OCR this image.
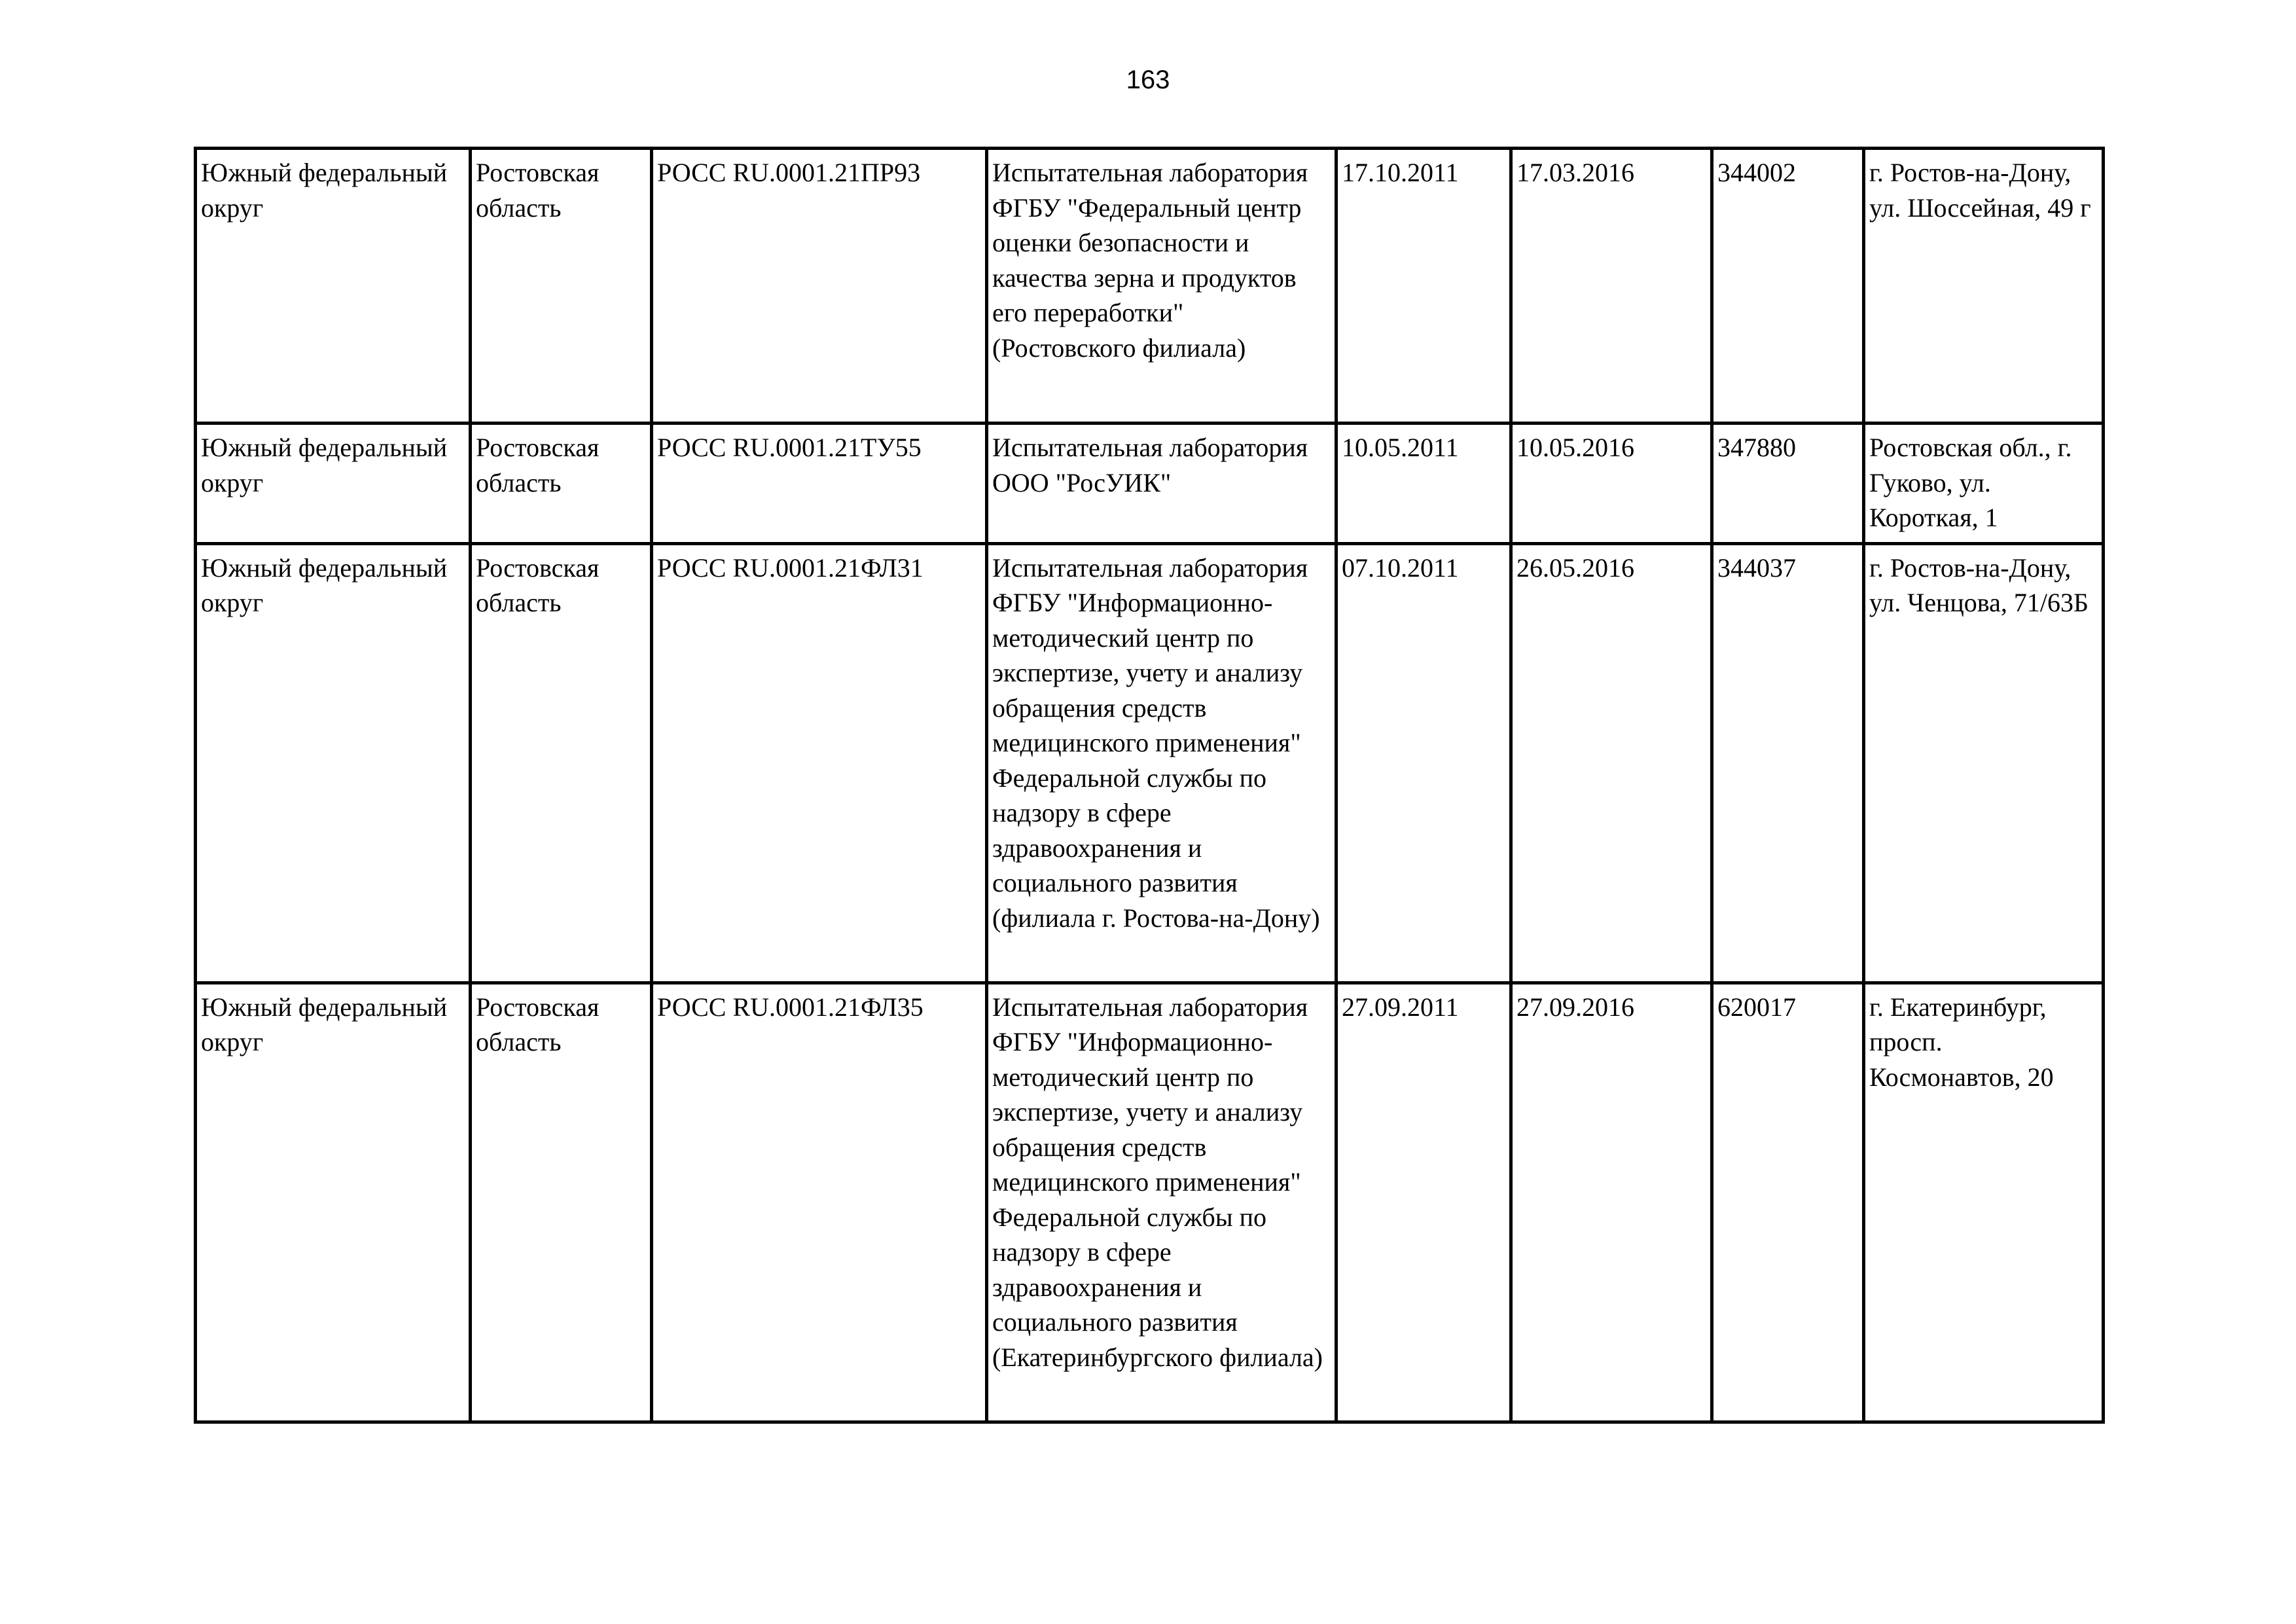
163
Южный федеральный округ	Ростовская область	РОСС RU.0001.21ПР93	Испытательная лаборатория ФГБУ "Федеральный центр оценки безопасности и качества зерна и продуктов его переработки" (Ростовского филиала)	17.10.2011	17.03.2016	344002	г. Ростов-на-Дону, ул. Шоссейная, 49 г
Южный федеральный округ	Ростовская область	РОСС RU.0001.21ТУ55	Испытательная лаборатория ООО "РосУИК"	10.05.2011	10.05.2016	347880	Ростовская обл., г. Гуково, ул. Короткая, 1
Южный федеральный округ	Ростовская область	РОСС RU.0001.21ФЛ31	Испытательная лаборатория ФГБУ "Информационно-методический центр по экспертизе, учету и анализу обращения средств медицинского применения" Федеральной службы по надзору в сфере здравоохранения и социального развития (филиала г. Ростова-на-Дону)	07.10.2011	26.05.2016	344037	г. Ростов-на-Дону, ул. Ченцова, 71/63Б
Южный федеральный округ	Ростовская область	РОСС RU.0001.21ФЛ35	Испытательная лаборатория ФГБУ "Информационно-методический центр по экспертизе, учету и анализу обращения средств медицинского применения" Федеральной службы по надзору в сфере здравоохранения и социального развития (Екатеринбургского филиала)	27.09.2011	27.09.2016	620017	г. Екатеринбург, просп. Космонавтов, 20
